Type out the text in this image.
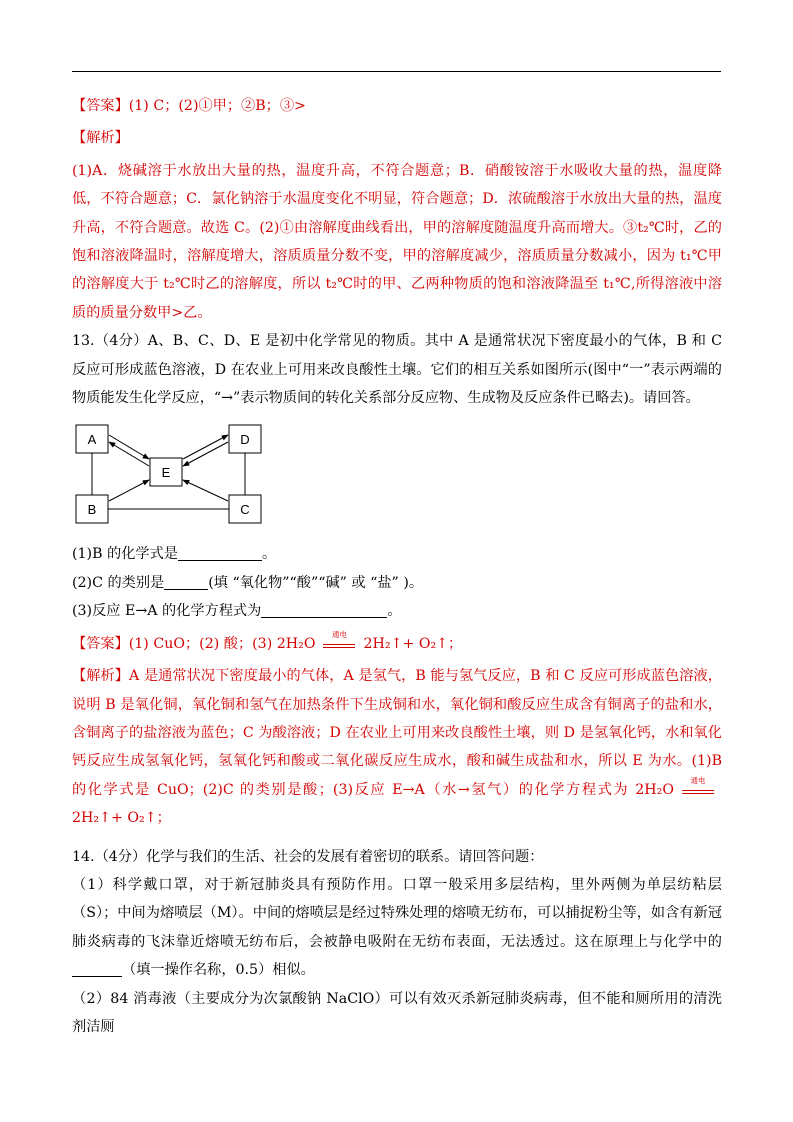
【答案】(1) C；(2)①甲；②B；③>

【解析】

(1)A．烧碱溶于水放出大量的热，温度升高，不符合题意；B．硝酸铵溶于水吸收大量的热，温度降低，不符合题意；C．氯化钠溶于水温度变化不明显，符合题意；D．浓硫酸溶于水放出大量的热，温度升高，不符合题意。故选 C。(2)①由溶解度曲线看出，甲的溶解度随温度升高而增大。③t₂℃时，乙的饱和溶液降温时，溶解度增大，溶质质量分数不变，甲的溶解度减少，溶质质量分数减小，因为 t₁℃甲的溶解度大于 t₂℃时乙的溶解度，所以 t₂℃时的甲、乙两种物质的饱和溶液降温至 t₁℃,所得溶液中溶质的质量分数甲>乙。

13.（4分）A、B、C、D、E 是初中化学常见的物质。其中 A 是通常状况下密度最小的气体，B 和 C 反应可形成蓝色溶液，D 在农业上可用来改良酸性土壤。它们的相互关系如图所示(图中“一”表示两端的物质能发生化学反应，“→”表示物质间的转化关系部分反应物、生成物及反应条件已略去)。请回答。

A	D
E
B	C

(1)B 的化学式是	。

(2)C 的类别是	(填 “氧化物”“酸”“碱” 或 “盐” )。

(3)反应 E→A 的化学方程式为	。

【答案】(1) CuO；(2) 酸；(3) 2H₂O
通电
2H₂↑+ O₂↑；

【解析】A 是通常状况下密度最小的气体，A 是氢气，B 能与氢气反应，B 和 C 反应可形成蓝色溶液，说明 B 是氧化铜，氧化铜和氢气在加热条件下生成铜和水，氧化铜和酸反应生成含有铜离子的盐和水，含铜离子的盐溶液为蓝色；C 为酸溶液；D 在农业上可用来改良酸性土壤，则 D 是氢氧化钙，水和氧化钙反应生成氢氧化钙，氢氧化钙和酸或二氧化碳反应生成水，酸和碱生成盐和水，所以 E 为水。(1)B 的化学式是 CuO；(2)C 的类别是酸；(3)反应 E→A（水→氢气）的化学方程式为 2H₂O
通电
2H₂↑+ O₂↑；

14.（4分）化学与我们的生活、社会的发展有着密切的联系。请回答问题：

（1）科学戴口罩，对于新冠肺炎具有预防作用。口罩一般采用多层结构，里外两侧为单层纺粘层（S）；中间为熔喷层（M）。中间的熔喷层是经过特殊处理的熔喷无纺布，可以捕捉粉尘等，如含有新冠肺炎病毒的飞沫靠近熔喷无纺布后，会被静电吸附在无纺布表面，无法透过。这在原理上与化学中的（填一操作名称，0.5）相似。

（2）84 消毒液（主要成分为次氯酸钠 NaClO）可以有效灭杀新冠肺炎病毒，但不能和厕所用的清洗剂洁厕
